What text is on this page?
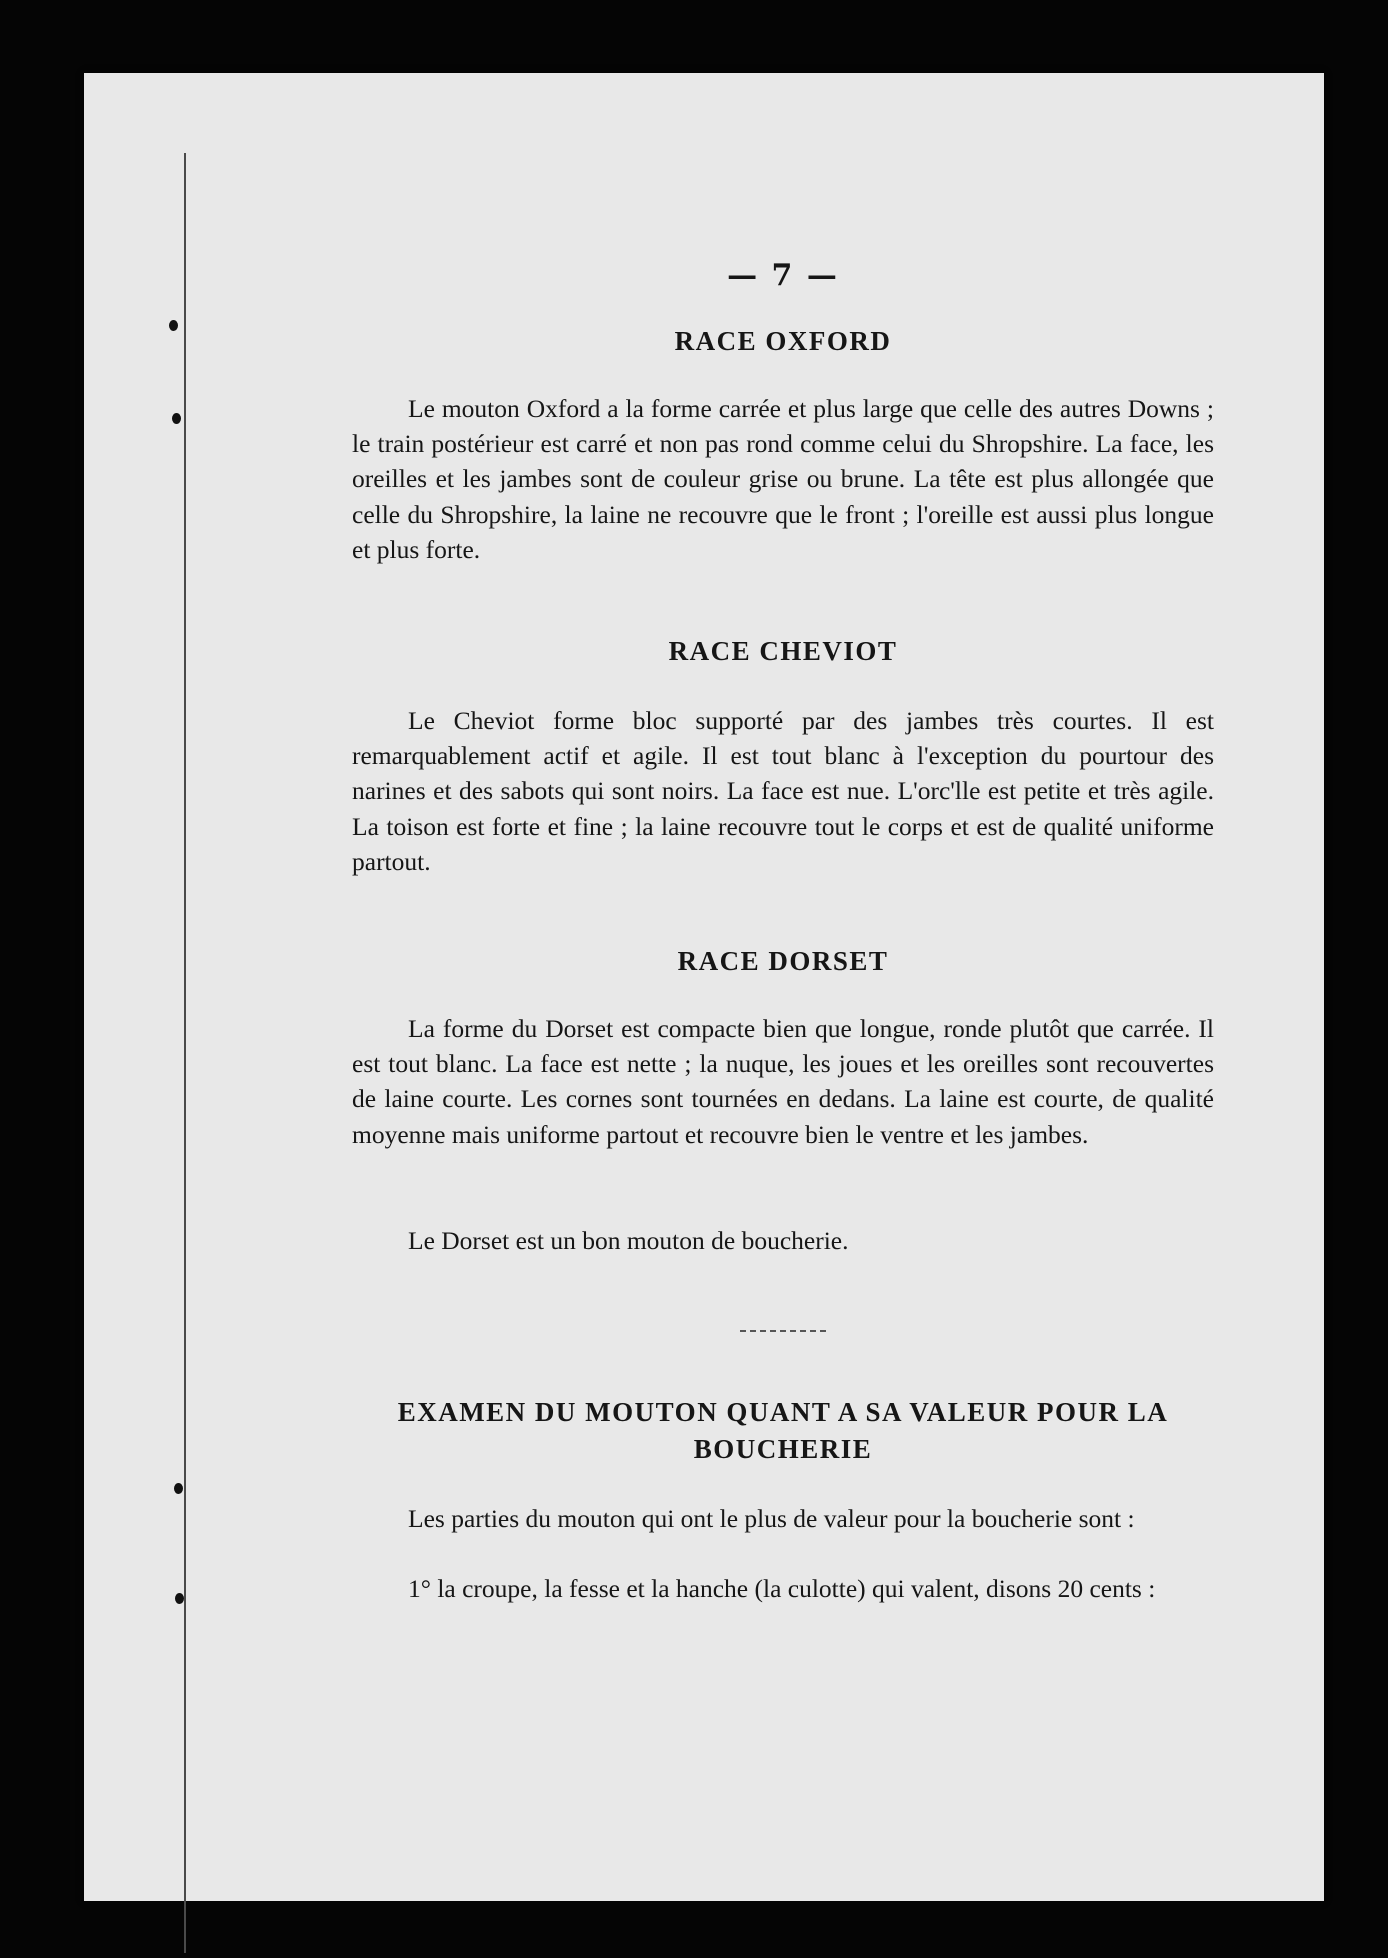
— 7 —
RACE OXFORD

Le mouton Oxford a la forme carrée et plus large que celle des autres Downs ; le train postérieur est carré et non pas rond comme celui du Shropshire. La face, les oreilles et les jambes sont de couleur grise ou brune. La tête est plus allongée que celle du Shropshire, la laine ne recouvre que le front ; l'oreille est aussi plus longue et plus forte.

RACE CHEVIOT

Le Cheviot forme bloc supporté par des jambes très courtes. Il est remarquablement actif et agile. Il est tout blanc à l'exception du pourtour des narines et des sabots qui sont noirs. La face est nue. L'orc'lle est petite et très agile. La toison est forte et fine ; la laine recouvre tout le corps et est de qualité uniforme partout.

RACE DORSET

La forme du Dorset est compacte bien que longue, ronde plutôt que carrée. Il est tout blanc. La face est nette ; la nuque, les joues et les oreilles sont recouvertes de laine courte. Les cornes sont tournées en dedans. La laine est courte, de qualité moyenne mais uniforme partout et recouvre bien le ventre et les jambes.

Le Dorset est un bon mouton de boucherie.

EXAMEN DU MOUTON QUANT A SA VALEUR POUR LA
BOUCHERIE

Les parties du mouton qui ont le plus de valeur pour la boucherie sont :

1° la croupe, la fesse et la hanche (la culotte) qui valent, disons 20 cents :
